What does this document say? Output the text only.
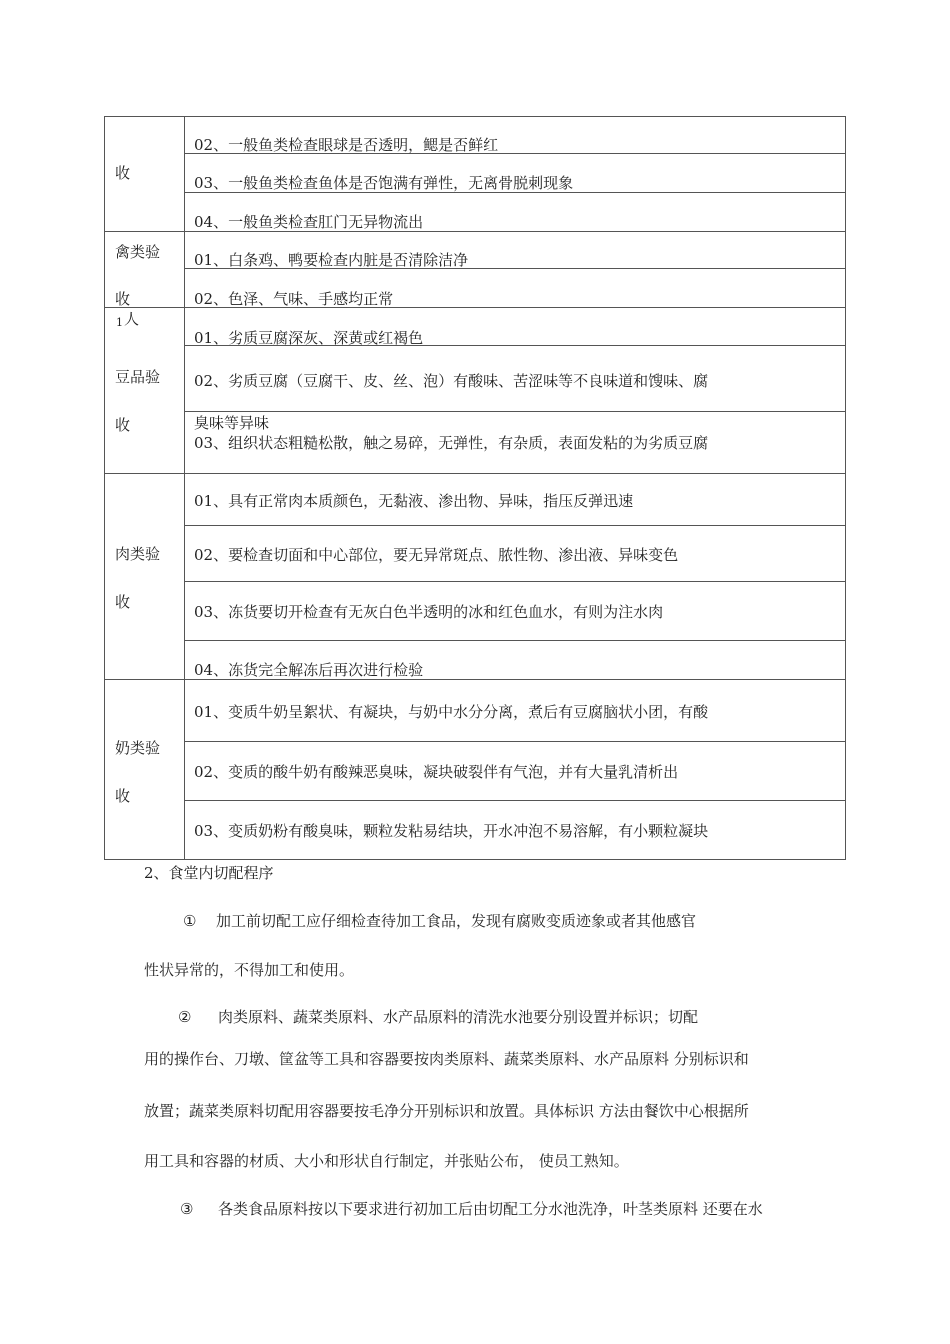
收
02、一般鱼类检查眼球是否透明，鳃是否鲜红
03、一般鱼类检查鱼体是否饱满有弹性，无离骨脱刺现象
04、一般鱼类检查肛门无异物流出
禽类验
收
01、白条鸡、鸭要检查内脏是否清除洁净
02、色泽、气味、手感均正常
1 人
豆品验
收
01、劣质豆腐深灰、深黄或红褐色
02、劣质豆腐（豆腐干、皮、丝、泡）有酸味、苦涩味等不良味道和馊味、腐
臭味等异味
03、组织状态粗糙松散，触之易碎，无弹性，有杂质，表面发粘的为劣质豆腐
肉类验
收
01、具有正常肉本质颜色，无黏液、渗出物、异味，指压反弹迅速
02、要检查切面和中心部位，要无异常斑点、脓性物、渗出液、异味变色
03、冻货要切开检查有无灰白色半透明的冰和红色血水，有则为注水肉
04、冻货完全解冻后再次进行检验
奶类验
收
01、变质牛奶呈絮状、有凝块，与奶中水分分离，煮后有豆腐脑状小团，有酸
02、变质的酸牛奶有酸辣恶臭味，凝块破裂伴有气泡，并有大量乳清析出
03、变质奶粉有酸臭味，颗粒发粘易结块，开水冲泡不易溶解，有小颗粒凝块
2、食堂内切配程序
① 加工前切配工应仔细检查待加工食品，发现有腐败变质迹象或者其他感官
性状异常的，不得加工和使用。
② 肉类原料、蔬菜类原料、水产品原料的清洗水池要分别设置并标识；切配
用的操作台、刀墩、筐盆等工具和容器要按肉类原料、蔬菜类原料、水产品原料 分别标识和
放置；蔬菜类原料切配用容器要按毛净分开别标识和放置。具体标识 方法由餐饮中心根据所
用工具和容器的材质、大小和形状自行制定，并张贴公布， 使员工熟知。
③ 各类食品原料按以下要求进行初加工后由切配工分水池洗净，叶茎类原料 还要在水
